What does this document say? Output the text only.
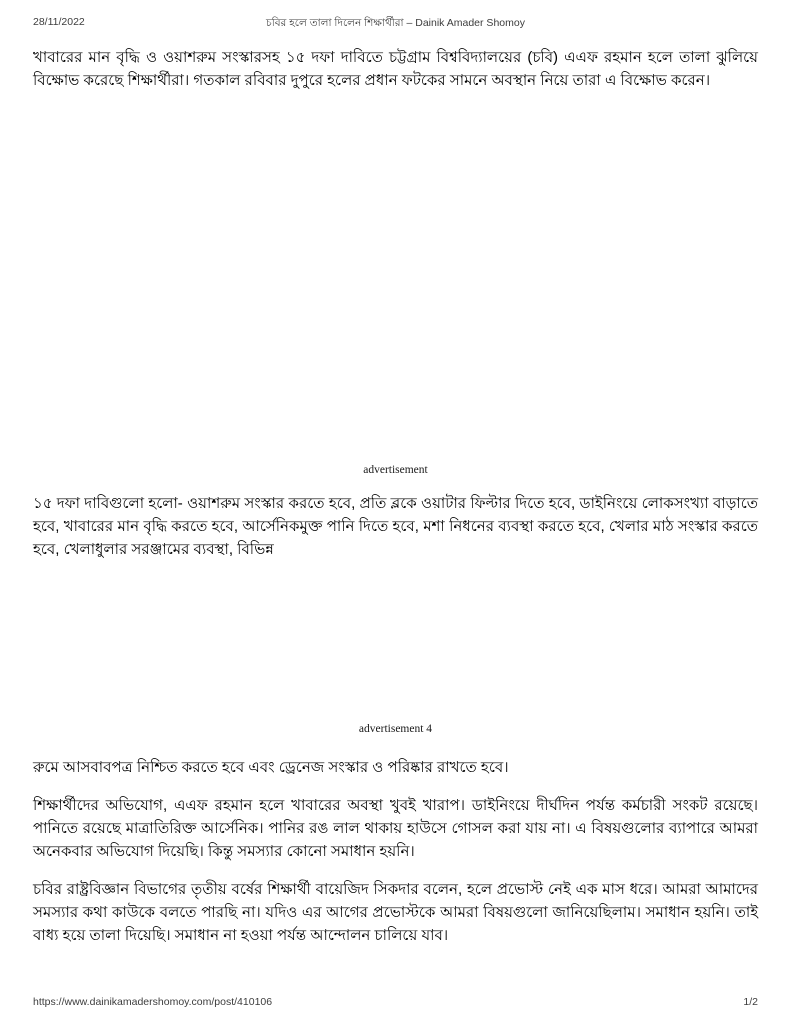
চবির হলে তালা দিলেন শিক্ষার্থীরা – Dainik Amader Shomoy
28/11/2022

খাবারের মান বৃদ্ধি ও ওয়াশরুম সংস্কারসহ ১৫ দফা দাবিতে চট্টগ্রাম বিশ্ববিদ্যালয়ের (চবি) এএফ রহমান হলে তালা ঝুলিয়ে বিক্ষোভ করেছে শিক্ষার্থীরা। গতকাল রবিবার দুপুরে হলের প্রধান ফটকের সামনে অবস্থান নিয়ে তারা এ বিক্ষোভ করেন।

advertisement

১৫ দফা দাবিগুলো হলো- ওয়াশরুম সংস্কার করতে হবে, প্রতি ব্লকে ওয়াটার ফিল্টার দিতে হবে, ডাইনিংয়ে লোকসংখ্যা বাড়াতে হবে, খাবারের মান বৃদ্ধি করতে হবে, আর্সেনিকমুক্ত পানি দিতে হবে, মশা নিধনের ব্যবস্থা করতে হবে, খেলার মাঠ সংস্কার করতে হবে, খেলাধুলার সরঞ্জামের ব্যবস্থা, বিভিন্ন

advertisement 4

রুমে আসবাবপত্র নিশ্চিত করতে হবে এবং ড্রেনেজ সংস্কার ও পরিষ্কার রাখতে হবে।

শিক্ষার্থীদের অভিযোগ, এএফ রহমান হলে খাবারের অবস্থা খুবই খারাপ। ডাইনিংয়ে দীর্ঘদিন পর্যন্ত কর্মচারী সংকট রয়েছে। পানিতে রয়েছে মাত্রাতিরিক্ত আর্সেনিক। পানির রঙ লাল থাকায় হাউসে গোসল করা যায় না। এ বিষয়গুলোর ব্যাপারে আমরা অনেকবার অভিযোগ দিয়েছি। কিন্তু সমস্যার কোনো সমাধান হয়নি।

চবির রাষ্ট্রবিজ্ঞান বিভাগের তৃতীয় বর্ষের শিক্ষার্থী বায়েজিদ সিকদার বলেন, হলে প্রভোস্ট নেই এক মাস ধরে। আমরা আমাদের সমস্যার কথা কাউকে বলতে পারছি না। যদিও এর আগের প্রভোস্টকে আমরা বিষয়গুলো জানিয়েছিলাম। সমাধান হয়নি। তাই বাধ্য হয়ে তালা দিয়েছি। সমাধান না হওয়া পর্যন্ত আন্দোলন চালিয়ে যাব।

https://www.dainikamadershomoy.com/post/410106	1/2
